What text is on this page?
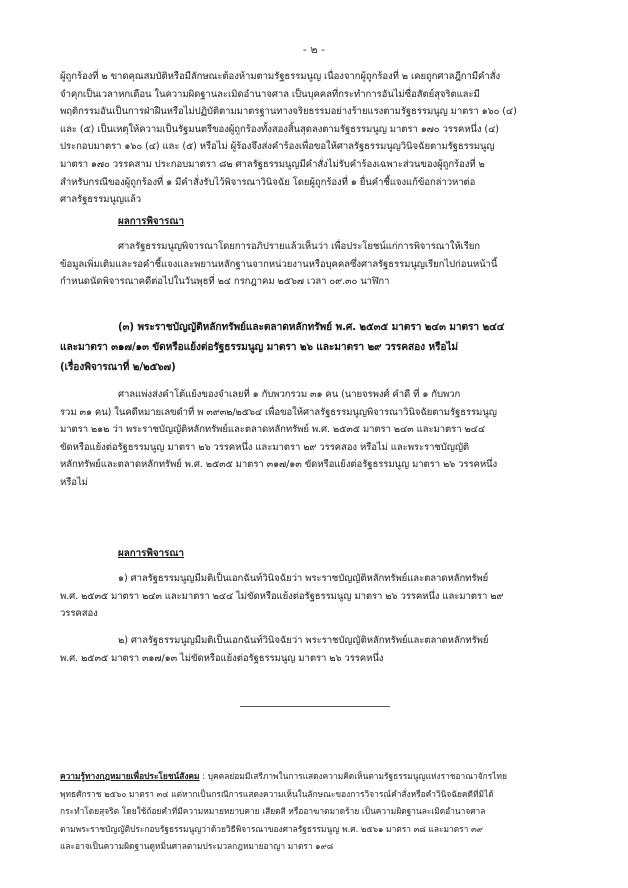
- ๒ -
ผู้ถูกร้องที่ ๒ ขาดคุณสมบัติหรือมีลักษณะต้องห้ามตามรัฐธรรมนูญ เนื่องจากผู้ถูกร้องที่ ๒ เคยถูกศาลฎีกามีคำสั่ง
จำคุกเป็นเวลาหกเดือน ในความผิดฐานละเมิดอำนาจศาล เป็นบุคคลที่กระทำการอันไม่ซื่อสัตย์สุจริตและมี
พฤติกรรมอันเป็นการฝ่าฝืนหรือไม่ปฏิบัติตามมาตรฐานทางจริยธรรมอย่างร้ายแรงตามรัฐธรรมนูญ มาตรา ๑๖๐ (๔)
และ (๕) เป็นเหตุให้ความเป็นรัฐมนตรีของผู้ถูกร้องทั้งสองสิ้นสุดลงตามรัฐธรรมนูญ มาตรา ๑๗๐ วรรคหนึ่ง (๔)
ประกอบมาตรา ๑๖๐ (๔) และ (๕) หรือไม่ ผู้ร้องจึงส่งคำร้องเพื่อขอให้ศาลรัฐธรรมนูญวินิจฉัยตามรัฐธรรมนูญ
มาตรา ๑๗๐ วรรคสาม ประกอบมาตรา ๘๒ ศาลรัฐธรรมนูญมีคำสั่งไม่รับคำร้องเฉพาะส่วนของผู้ถูกร้องที่ ๒
สำหรับกรณีของผู้ถูกร้องที่ ๑ มีคำสั่งรับไว้พิจารณาวินิจฉัย โดยผู้ถูกร้องที่ ๑ ยื่นคำชี้แจงแก้ข้อกล่าวหาต่อ
ศาลรัฐธรรมนูญแล้ว
ผลการพิจารณา
ศาลรัฐธรรมนูญพิจารณาโดยการอภิปรายแล้วเห็นว่า เพื่อประโยชน์แก่การพิจารณาให้เรียก
ข้อมูลเพิ่มเติมและรอคำชี้แจงและพยานหลักฐานจากหน่วยงานหรือบุคคลซึ่งศาลรัฐธรรมนูญเรียกไปก่อนหน้านี้
กำหนดนัดพิจารณาคดีต่อไปในวันพุธที่ ๒๔ กรกฎาคม ๒๕๖๗ เวลา ๐๙.๓๐ นาฬิกา
(๓) พระราชบัญญัติหลักทรัพย์และตลาดหลักทรัพย์ พ.ศ. ๒๕๓๕ มาตรา ๒๔๓ มาตรา ๒๔๔
และมาตรา ๓๑๗/๑๓ ขัดหรือแย้งต่อรัฐธรรมนูญ มาตรา ๒๖ และมาตรา ๒๙ วรรคสอง หรือไม่
(เรื่องพิจารณาที่ ๒/๒๕๖๗)
ศาลแพ่งส่งคำโต้แย้งของจำเลยที่ ๑ กับพวกรวม ๓๑ คน (นายจรพงศ์ คำดี ที่ ๑ กับพวก
รวม ๓๑ คน) ในคดีหมายเลขดำที่ พ ๓๙๓๒/๒๕๖๔ เพื่อขอให้ศาลรัฐธรรมนูญพิจารณาวินิจฉัยตามรัฐธรรมนูญ
มาตรา ๒๑๒ ว่า พระราชบัญญัติหลักทรัพย์และตลาดหลักทรัพย์ พ.ศ. ๒๕๓๕ มาตรา ๒๔๓ และมาตรา ๒๔๔
ขัดหรือแย้งต่อรัฐธรรมนูญ มาตรา ๒๖ วรรคหนึ่ง และมาตรา ๒๙ วรรคสอง หรือไม่ และพระราชบัญญัติ
หลักทรัพย์และตลาดหลักทรัพย์ พ.ศ. ๒๕๓๕ มาตรา ๓๑๗/๑๓ ขัดหรือแย้งต่อรัฐธรรมนูญ มาตรา ๒๖ วรรคหนึ่ง
หรือไม่
ผลการพิจารณา
๑) ศาลรัฐธรรมนูญมีมติเป็นเอกฉันท์วินิจฉัยว่า พระราชบัญญัติหลักทรัพย์และตลาดหลักทรัพย์
พ.ศ. ๒๕๓๕ มาตรา ๒๔๓ และมาตรา ๒๔๔ ไม่ขัดหรือแย้งต่อรัฐธรรมนูญ มาตรา ๒๖ วรรคหนึ่ง และมาตรา ๒๙
วรรคสอง
๒) ศาลรัฐธรรมนูญมีมติเป็นเอกฉันท์วินิจฉัยว่า พระราชบัญญัติหลักทรัพย์และตลาดหลักทรัพย์
พ.ศ. ๒๕๓๕ มาตรา ๓๑๗/๑๓ ไม่ขัดหรือแย้งต่อรัฐธรรมนูญ มาตรา ๒๖ วรรคหนึ่ง
ความรู้ทางกฎหมายเพื่อประโยชน์สังคม : บุคคลย่อมมีเสรีภาพในการแสดงความคิดเห็นตามรัฐธรรมนูญแห่งราชอาณาจักรไทย
พุทธศักราช ๒๕๖๐ มาตรา ๓๔ แต่หากเป็นกรณีการแสดงความเห็นในลักษณะของการวิจารณ์คำสั่งหรือคำวินิจฉัยคดีที่มิได้
กระทำโดยสุจริต โดยใช้ถ้อยคำที่มีความหมายหยาบคาย เสียดสี หรืออาฆาตมาดร้าย เป็นความผิดฐานละเมิดอำนาจศาล
ตามพระราชบัญญัติประกอบรัฐธรรมนูญว่าด้วยวิธีพิจารณาของศาลรัฐธรรมนูญ พ.ศ. ๒๕๖๑ มาตรา ๓๘ และมาตรา ๓๙
และอาจเป็นความผิดฐานดูหมิ่นศาลตามประมวลกฎหมายอาญา มาตรา ๑๙๘
